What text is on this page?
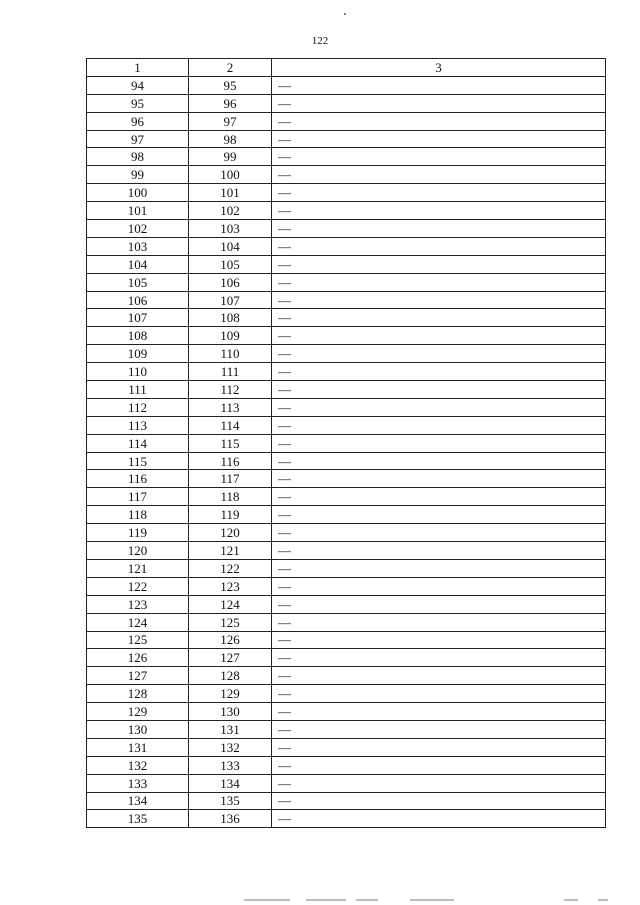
122
1	2	3
94	95	—
95	96	—
96	97	—
97	98	—
98	99	—
99	100	—
100	101	—
101	102	—
102	103	—
103	104	—
104	105	—
105	106	—
106	107	—
107	108	—
108	109	—
109	110	—
110	111	—
111	112	—
112	113	—
113	114	—
114	115	—
115	116	—
116	117	—
117	118	—
118	119	—
119	120	—
120	121	—
121	122	—
122	123	—
123	124	—
124	125	—
125	126	—
126	127	—
127	128	—
128	129	—
129	130	—
130	131	—
131	132	—
132	133	—
133	134	—
134	135	—
135	136	—
